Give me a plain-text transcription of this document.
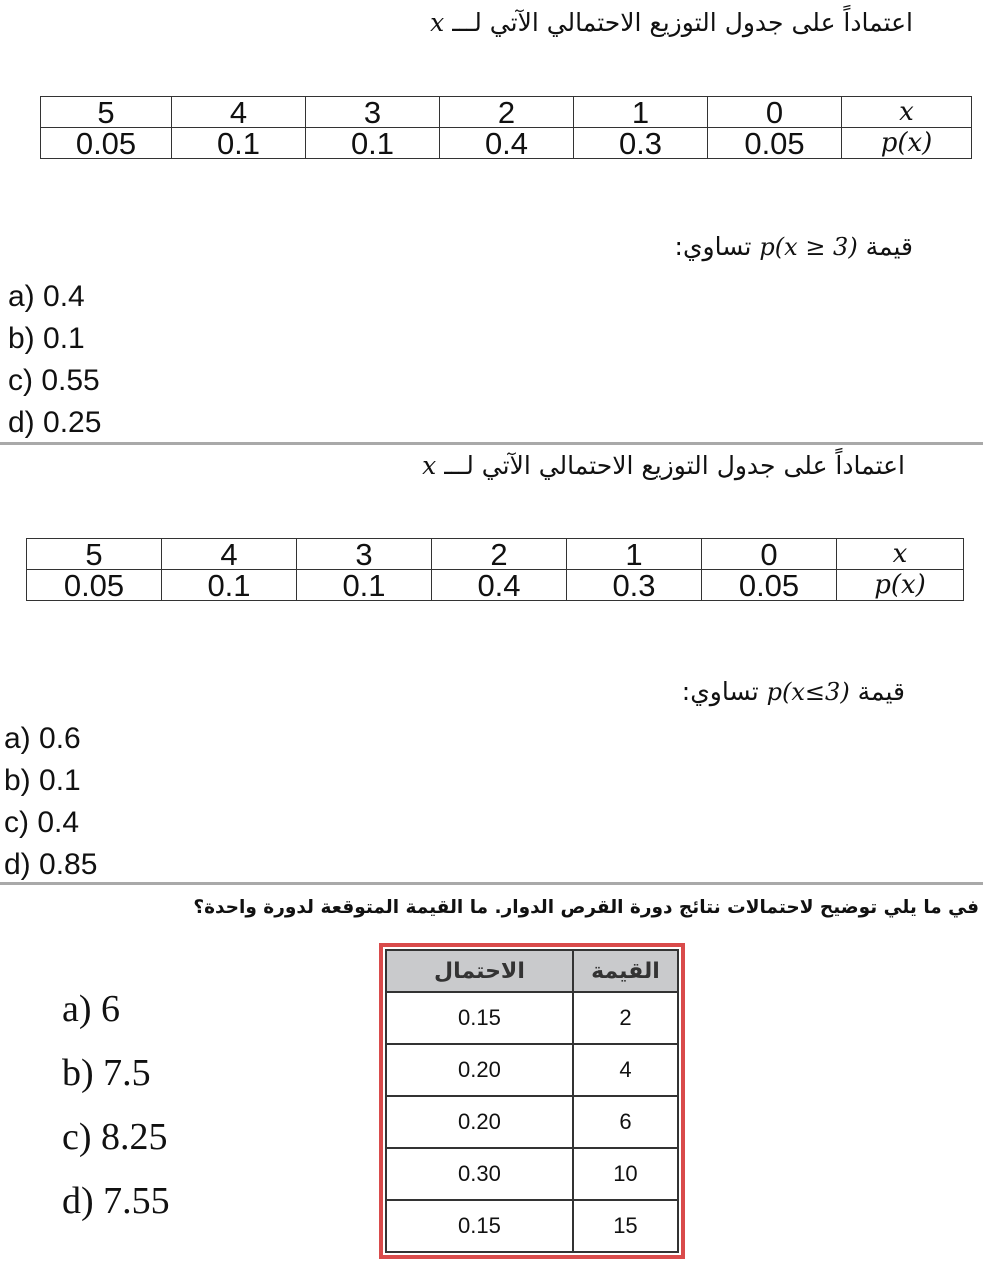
اعتماداً على جدول التوزيع الاحتمالي الآتي لـــ x
5	4	3	2	1	0	x
0.05	0.1	0.1	0.4	0.3	0.05	p(x)
قيمة p(x ≥ 3) تساوي:
a) 0.4
b) 0.1
c) 0.55
d) 0.25
اعتماداً على جدول التوزيع الاحتمالي الآتي لـــ x
5	4	3	2	1	0	x
0.05	0.1	0.1	0.4	0.3	0.05	p(x)
قيمة p(x≤3) تساوي:
a) 0.6
b) 0.1
c) 0.4
d) 0.85
في ما يلي توضيح لاحتمالات نتائج دورة القرص الدوار. ما القيمة المتوقعة لدورة واحدة؟
a) 6
b) 7.5
c) 8.25
d) 7.55
الاحتمال	القيمة
0.15	2
0.20	4
0.20	6
0.30	10
0.15	15
